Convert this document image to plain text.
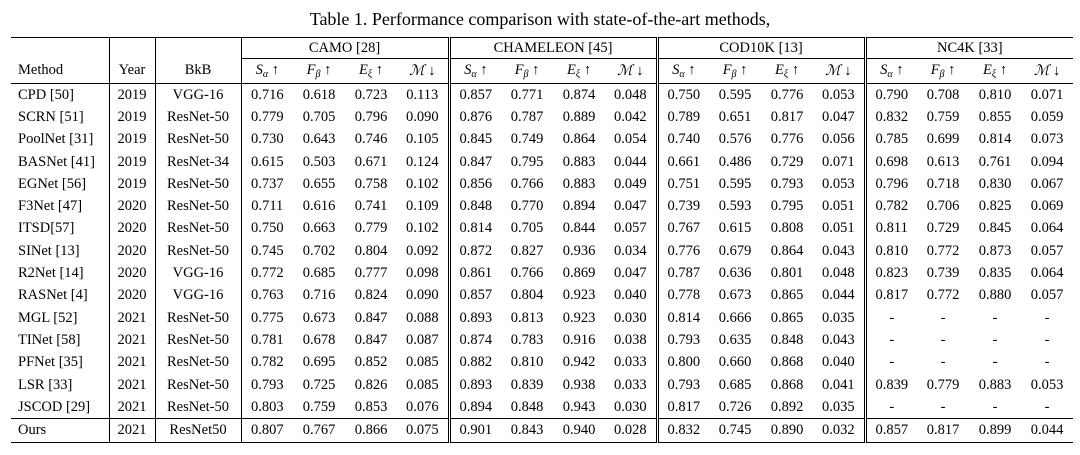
Table 1. Performance comparison with state-of-the-art methods,
			CAMO [28]				CHAMELEON [45]				COD10K [13]				NC4K [33]			
Method	Year	BkB	$S_\alpha$ ↑	$F_\beta$ ↑	$E_\xi$ ↑	ℳ ↓	$S_\alpha$ ↑	$F_\beta$ ↑	$E_\xi$ ↑	ℳ ↓	$S_\alpha$ ↑	$F_\beta$ ↑	$E_\xi$ ↑	ℳ ↓	$S_\alpha$ ↑	$F_\beta$ ↑	$E_\xi$ ↑	ℳ ↓
CPD [50]	2019	VGG-16	0.716	0.618	0.723	0.113	0.857	0.771	0.874	0.048	0.750	0.595	0.776	0.053	0.790	0.708	0.810	0.071
SCRN [51]	2019	ResNet-50	0.779	0.705	0.796	0.090	0.876	0.787	0.889	0.042	0.789	0.651	0.817	0.047	0.832	0.759	0.855	0.059
PoolNet [31]	2019	ResNet-50	0.730	0.643	0.746	0.105	0.845	0.749	0.864	0.054	0.740	0.576	0.776	0.056	0.785	0.699	0.814	0.073
BASNet [41]	2019	ResNet-34	0.615	0.503	0.671	0.124	0.847	0.795	0.883	0.044	0.661	0.486	0.729	0.071	0.698	0.613	0.761	0.094
EGNet [56]	2019	ResNet-50	0.737	0.655	0.758	0.102	0.856	0.766	0.883	0.049	0.751	0.595	0.793	0.053	0.796	0.718	0.830	0.067
F3Net [47]	2020	ResNet-50	0.711	0.616	0.741	0.109	0.848	0.770	0.894	0.047	0.739	0.593	0.795	0.051	0.782	0.706	0.825	0.069
ITSD[57]	2020	ResNet-50	0.750	0.663	0.779	0.102	0.814	0.705	0.844	0.057	0.767	0.615	0.808	0.051	0.811	0.729	0.845	0.064
SINet [13]	2020	ResNet-50	0.745	0.702	0.804	0.092	0.872	0.827	0.936	0.034	0.776	0.679	0.864	0.043	0.810	0.772	0.873	0.057
R2Net [14]	2020	VGG-16	0.772	0.685	0.777	0.098	0.861	0.766	0.869	0.047	0.787	0.636	0.801	0.048	0.823	0.739	0.835	0.064
RASNet [4]	2020	VGG-16	0.763	0.716	0.824	0.090	0.857	0.804	0.923	0.040	0.778	0.673	0.865	0.044	0.817	0.772	0.880	0.057
MGL [52]	2021	ResNet-50	0.775	0.673	0.847	0.088	0.893	0.813	0.923	0.030	0.814	0.666	0.865	0.035	-	-	-	-
TINet [58]	2021	ResNet-50	0.781	0.678	0.847	0.087	0.874	0.783	0.916	0.038	0.793	0.635	0.848	0.043	-	-	-	-
PFNet [35]	2021	ResNet-50	0.782	0.695	0.852	0.085	0.882	0.810	0.942	0.033	0.800	0.660	0.868	0.040	-	-	-	-
LSR [33]	2021	ResNet-50	0.793	0.725	0.826	0.085	0.893	0.839	0.938	0.033	0.793	0.685	0.868	0.041	0.839	0.779	0.883	0.053
JSCOD [29]	2021	ResNet-50	0.803	0.759	0.853	0.076	0.894	0.848	0.943	0.030	0.817	0.726	0.892	0.035	-	-	-	-
Ours	2021	ResNet50	0.807	0.767	0.866	0.075	0.901	0.843	0.940	0.028	0.832	0.745	0.890	0.032	0.857	0.817	0.899	0.044
